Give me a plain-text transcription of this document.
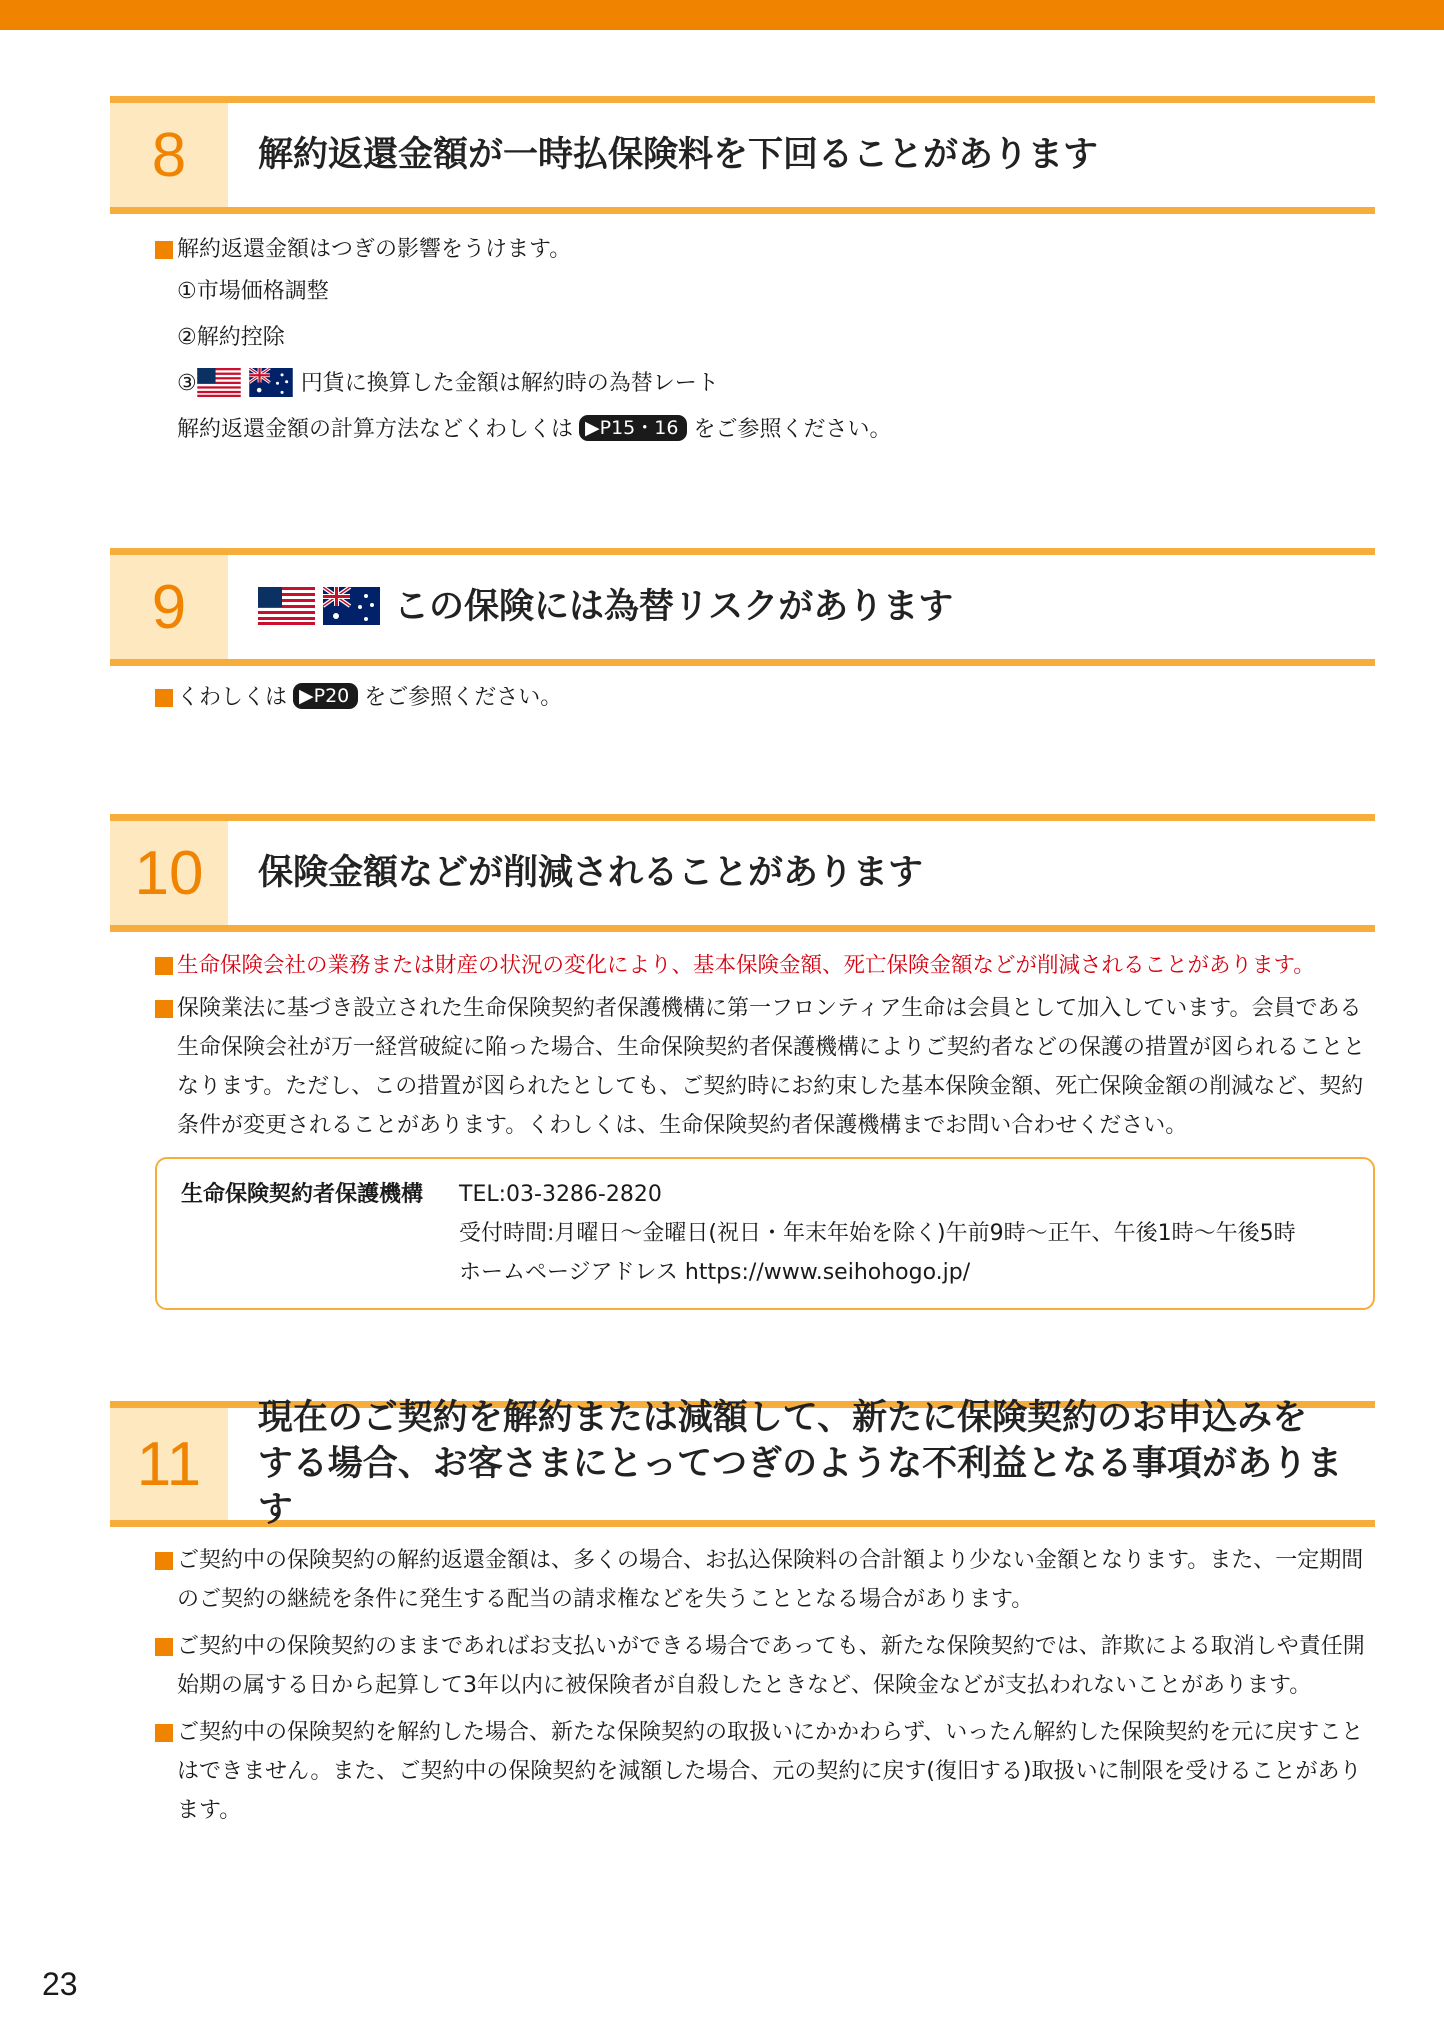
8	解約返還金額が一時払保険料を下回ることがあります
解約返還金額はつぎの影響をうけます。
①市場価格調整
②解約控除
③	円貨に換算した金額は解約時の為替レート
解約返還金額の計算方法などくわしくは ▶P15・16 をご参照ください。
9	この保険には為替リスクがあります
くわしくは ▶P20 をご参照ください。
10	保険金額などが削減されることがあります
生命保険会社の業務または財産の状況の変化により、基本保険金額、死亡保険金額などが削減されることがあります。
保険業法に基づき設立された生命保険契約者保護機構に第一フロンティア生命は会員として加入しています。会員である生命保険会社が万一経営破綻に陥った場合、生命保険契約者保護機構によりご契約者などの保護の措置が図られることとなります。ただし、この措置が図られたとしても、ご契約時にお約束した基本保険金額、死亡保険金額の削減など、契約条件が変更されることがあります。くわしくは、生命保険契約者保護機構までお問い合わせください。
生命保険契約者保護機構	TEL:03-3286-2820
受付時間:月曜日～金曜日(祝日・年末年始を除く)午前9時～正午、午後1時～午後5時
ホームページアドレス https://www.seihohogo.jp/
11
現在のご契約を解約または減額して、新たに保険契約のお申込みを
する場合、お客さまにとってつぎのような不利益となる事項があります
ご契約中の保険契約の解約返還金額は、多くの場合、お払込保険料の合計額より少ない金額となります。また、一定期間のご契約の継続を条件に発生する配当の請求権などを失うこととなる場合があります。
ご契約中の保険契約のままであればお支払いができる場合であっても、新たな保険契約では、詐欺による取消しや責任開始期の属する日から起算して3年以内に被保険者が自殺したときなど、保険金などが支払われないことがあります。
ご契約中の保険契約を解約した場合、新たな保険契約の取扱いにかかわらず、いったん解約した保険契約を元に戻すことはできません。また、ご契約中の保険契約を減額した場合、元の契約に戻す(復旧する)取扱いに制限を受けることがあります。
23
